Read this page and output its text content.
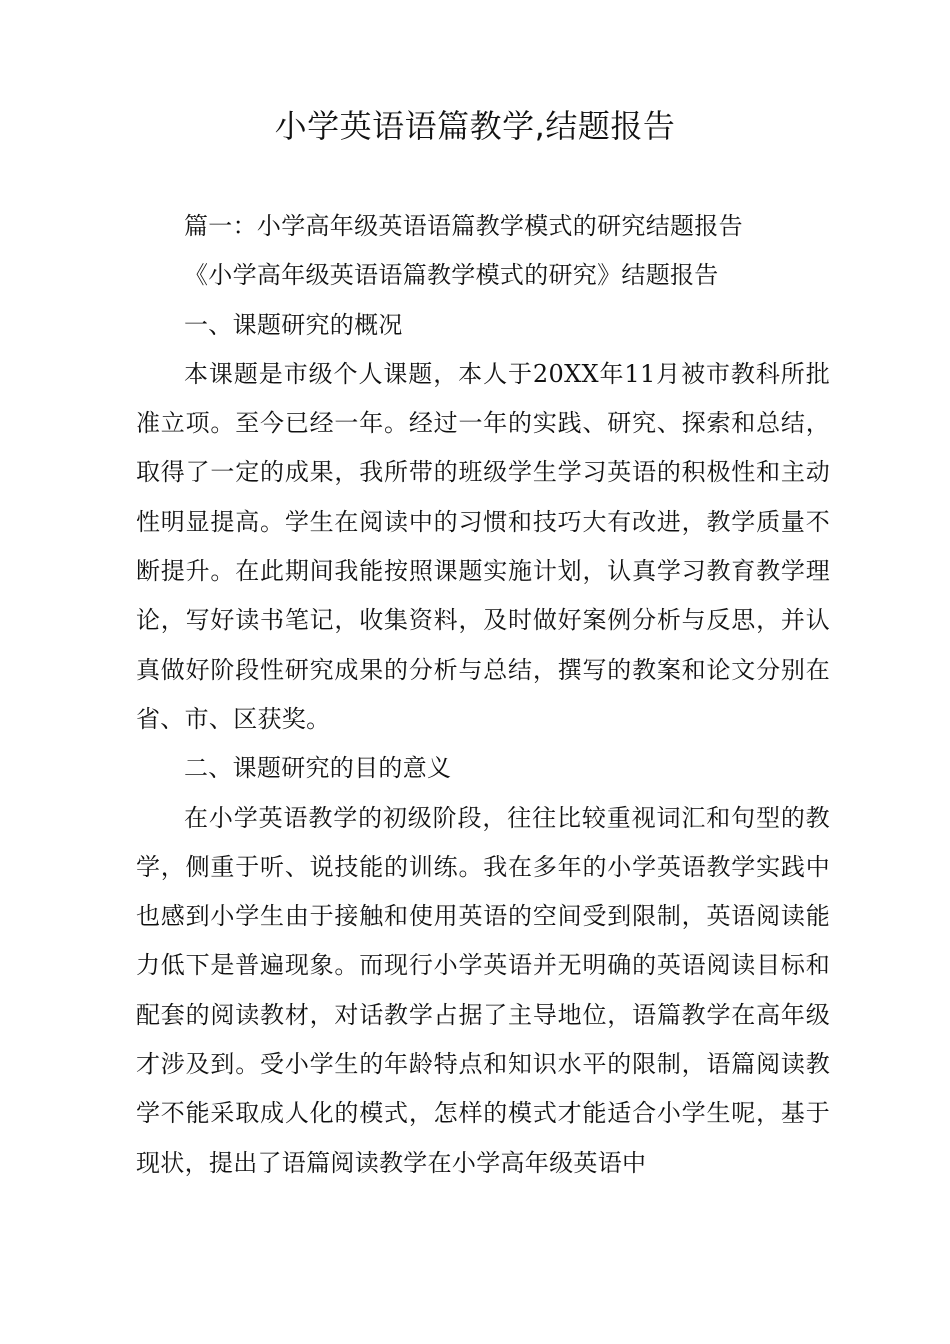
小学英语语篇教学,结题报告

篇一：小学高年级英语语篇教学模式的研究结题报告

《小学高年级英语语篇教学模式的研究》结题报告

一、课题研究的概况

本课题是市级个人课题，本人于20XX年11月被市教科所批准立项。至今已经一年。经过一年的实践、研究、探索和总结，取得了一定的成果，我所带的班级学生学习英语的积极性和主动性明显提高。学生在阅读中的习惯和技巧大有改进，教学质量不断提升。在此期间我能按照课题实施计划，认真学习教育教学理论，写好读书笔记，收集资料，及时做好案例分析与反思，并认真做好阶段性研究成果的分析与总结，撰写的教案和论文分别在省、市、区获奖。

二、课题研究的目的意义

在小学英语教学的初级阶段，往往比较重视词汇和句型的教学，侧重于听、说技能的训练。我在多年的小学英语教学实践中也感到小学生由于接触和使用英语的空间受到限制，英语阅读能力低下是普遍现象。而现行小学英语并无明确的英语阅读目标和配套的阅读教材，对话教学占据了主导地位，语篇教学在高年级才涉及到。受小学生的年龄特点和知识水平的限制，语篇阅读教学不能采取成人化的模式，怎样的模式才能适合小学生呢，基于现状，提出了语篇阅读教学在小学高年级英语中
